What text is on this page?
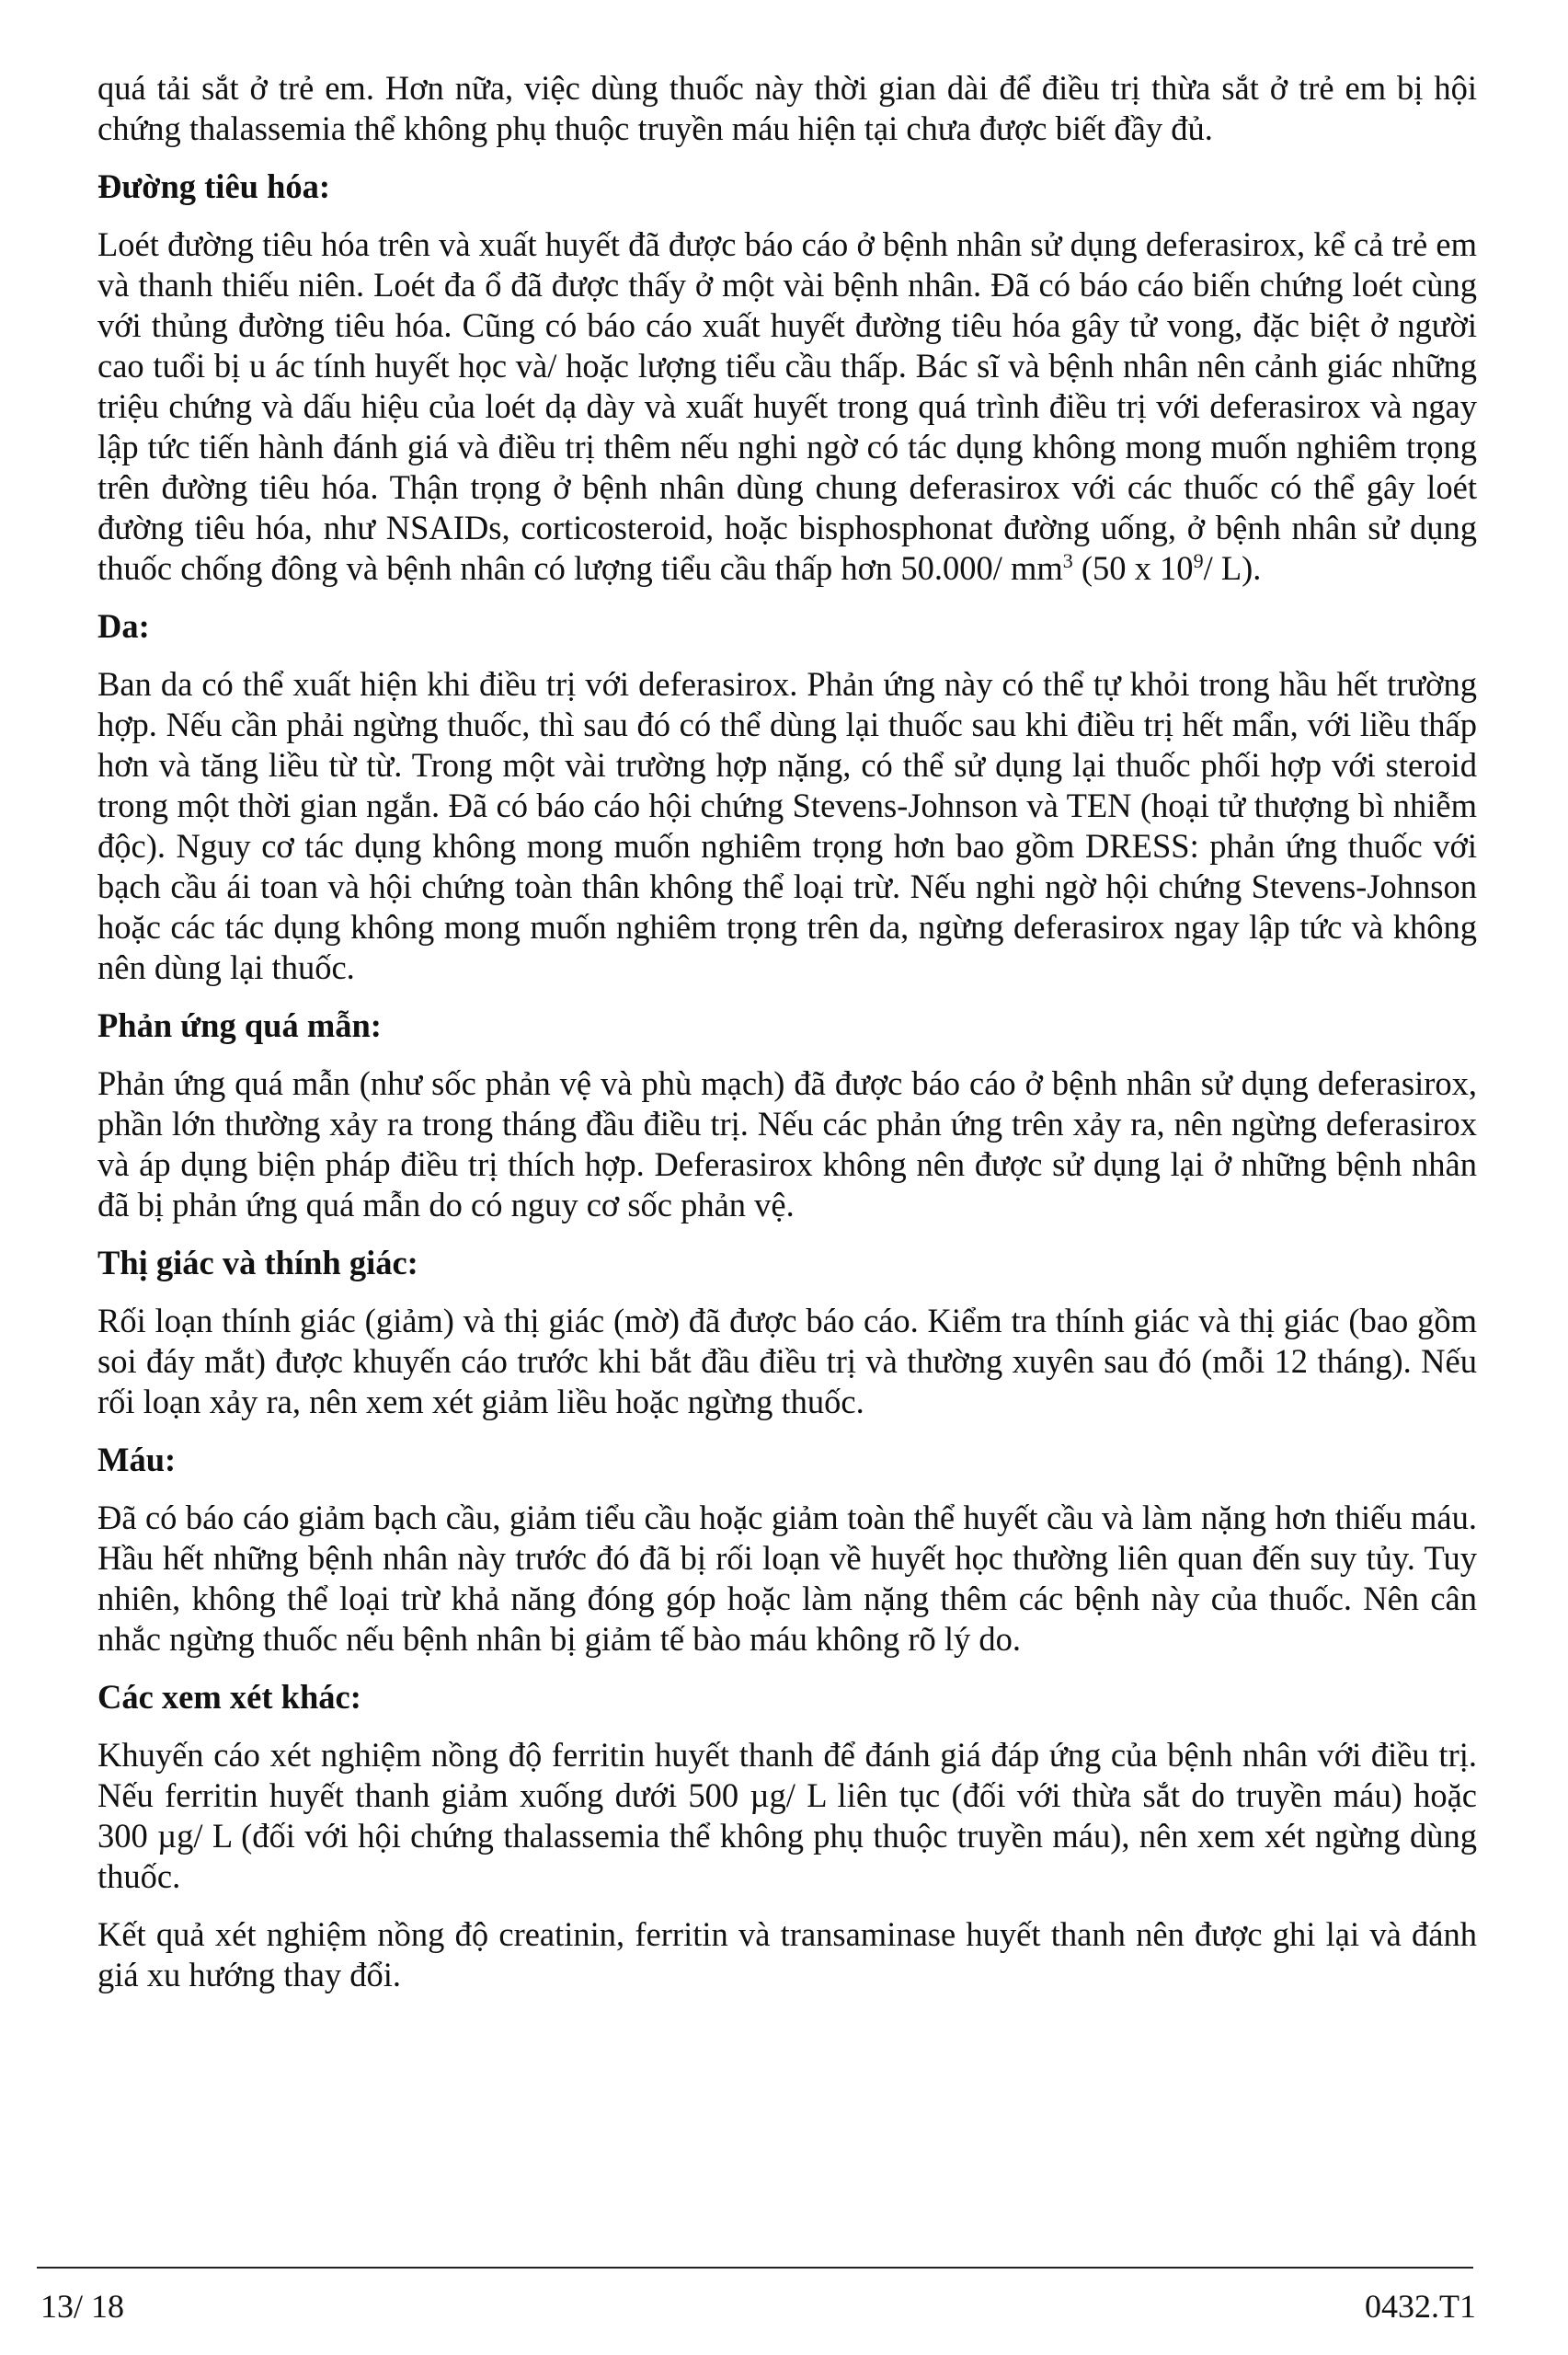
quá tải sắt ở trẻ em. Hơn nữa, việc dùng thuốc này thời gian dài để điều trị thừa sắt ở trẻ em bị hội chứng thalassemia thể không phụ thuộc truyền máu hiện tại chưa được biết đầy đủ.

Đường tiêu hóa:

Loét đường tiêu hóa trên và xuất huyết đã được báo cáo ở bệnh nhân sử dụng deferasirox, kể cả trẻ em và thanh thiếu niên. Loét đa ổ đã được thấy ở một vài bệnh nhân. Đã có báo cáo biến chứng loét cùng với thủng đường tiêu hóa. Cũng có báo cáo xuất huyết đường tiêu hóa gây tử vong, đặc biệt ở người cao tuổi bị u ác tính huyết học và/ hoặc lượng tiểu cầu thấp. Bác sĩ và bệnh nhân nên cảnh giác những triệu chứng và dấu hiệu của loét dạ dày và xuất huyết trong quá trình điều trị với deferasirox và ngay lập tức tiến hành đánh giá và điều trị thêm nếu nghi ngờ có tác dụng không mong muốn nghiêm trọng trên đường tiêu hóa. Thận trọng ở bệnh nhân dùng chung deferasirox với các thuốc có thể gây loét đường tiêu hóa, như NSAIDs, corticosteroid, hoặc bisphosphonat đường uống, ở bệnh nhân sử dụng thuốc chống đông và bệnh nhân có lượng tiểu cầu thấp hơn 50.000/ $mm^3$ (50 x $10^9/$ L).

Da:

Ban da có thể xuất hiện khi điều trị với deferasirox. Phản ứng này có thể tự khỏi trong hầu hết trường hợp. Nếu cần phải ngừng thuốc, thì sau đó có thể dùng lại thuốc sau khi điều trị hết mẩn, với liều thấp hơn và tăng liều từ từ. Trong một vài trường hợp nặng, có thể sử dụng lại thuốc phối hợp với steroid trong một thời gian ngắn. Đã có báo cáo hội chứng Stevens-Johnson và TEN (hoại tử thượng bì nhiễm độc). Nguy cơ tác dụng không mong muốn nghiêm trọng hơn bao gồm DRESS: phản ứng thuốc với bạch cầu ái toan và hội chứng toàn thân không thể loại trừ. Nếu nghi ngờ hội chứng Stevens-Johnson hoặc các tác dụng không mong muốn nghiêm trọng trên da, ngừng deferasirox ngay lập tức và không nên dùng lại thuốc.

Phản ứng quá mẫn:

Phản ứng quá mẫn (như sốc phản vệ và phù mạch) đã được báo cáo ở bệnh nhân sử dụng deferasirox, phần lớn thường xảy ra trong tháng đầu điều trị. Nếu các phản ứng trên xảy ra, nên ngừng deferasirox và áp dụng biện pháp điều trị thích hợp. Deferasirox không nên được sử dụng lại ở những bệnh nhân đã bị phản ứng quá mẫn do có nguy cơ sốc phản vệ.

Thị giác và thính giác:

Rối loạn thính giác (giảm) và thị giác (mờ) đã được báo cáo. Kiểm tra thính giác và thị giác (bao gồm soi đáy mắt) được khuyến cáo trước khi bắt đầu điều trị và thường xuyên sau đó (mỗi 12 tháng). Nếu rối loạn xảy ra, nên xem xét giảm liều hoặc ngừng thuốc.

Máu:

Đã có báo cáo giảm bạch cầu, giảm tiểu cầu hoặc giảm toàn thể huyết cầu và làm nặng hơn thiếu máu. Hầu hết những bệnh nhân này trước đó đã bị rối loạn về huyết học thường liên quan đến suy tủy. Tuy nhiên, không thể loại trừ khả năng đóng góp hoặc làm nặng thêm các bệnh này của thuốc. Nên cân nhắc ngừng thuốc nếu bệnh nhân bị giảm tế bào máu không rõ lý do.

Các xem xét khác:

Khuyến cáo xét nghiệm nồng độ ferritin huyết thanh để đánh giá đáp ứng của bệnh nhân với điều trị. Nếu ferritin huyết thanh giảm xuống dưới 500 µg/ L liên tục (đối với thừa sắt do truyền máu) hoặc 300 µg/ L (đối với hội chứng thalassemia thể không phụ thuộc truyền máu), nên xem xét ngừng dùng thuốc.

Kết quả xét nghiệm nồng độ creatinin, ferritin và transaminase huyết thanh nên được ghi lại và đánh giá xu hướng thay đổi.

13/ 18	0432.T1
